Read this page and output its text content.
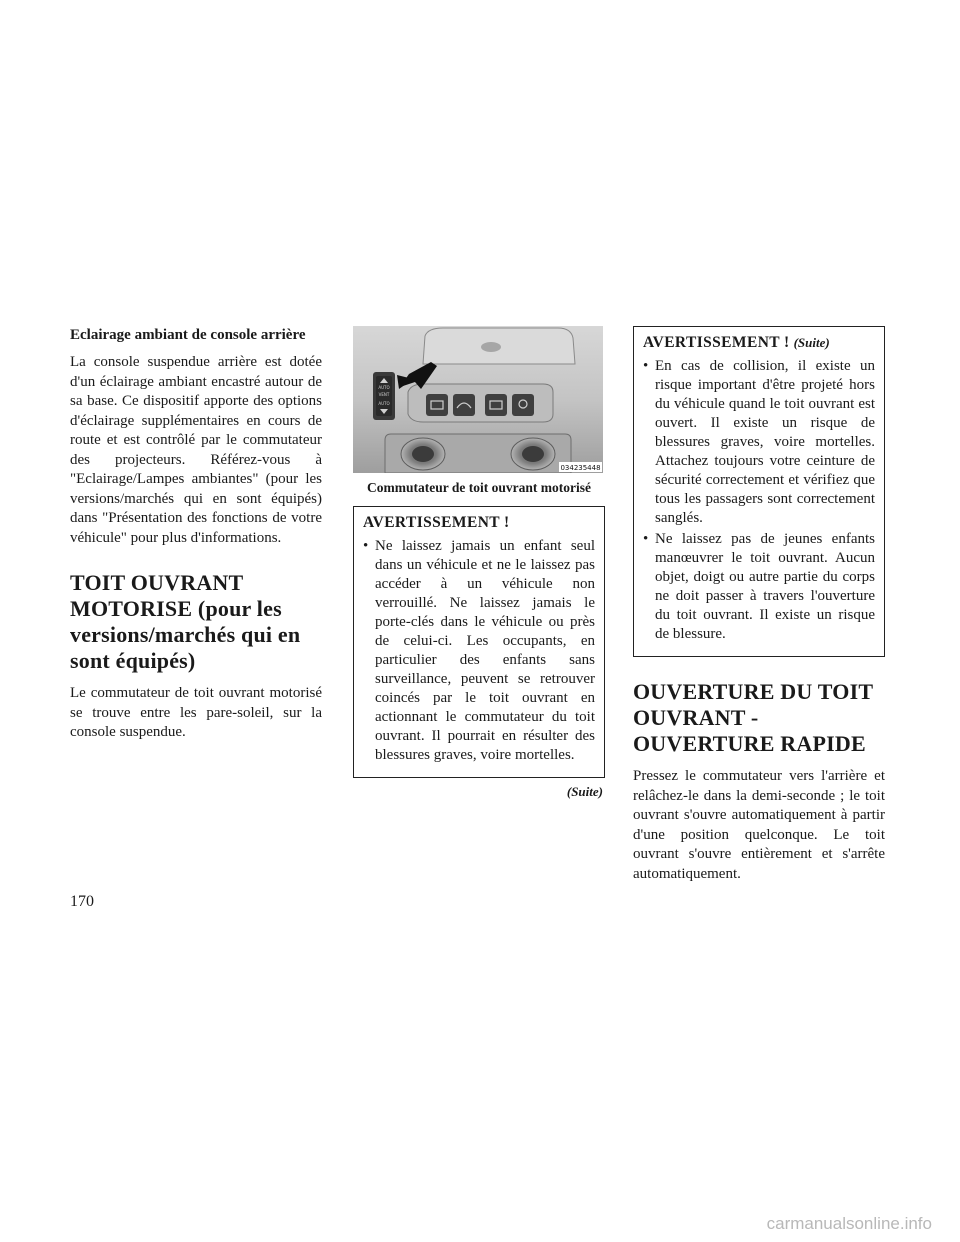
Eclairage ambiant de console arrière

La console suspendue arrière est dotée d'un éclairage ambiant encastré autour de sa base. Ce dispositif apporte des options d'éclairage supplémentaires en cours de route et est contrôlé par le commutateur des projecteurs. Référez-vous à "Eclairage/Lampes ambiantes" (pour les versions/marchés qui en sont équipés) dans "Présentation des fonctions de votre véhicule" pour plus d'informations.

TOIT OUVRANT MOTORISE (pour les versions/marchés qui en sont équipés)

Le commutateur de toit ouvrant motorisé se trouve entre les pare-soleil, sur la console suspendue.

AUTO
VENT
AUTO
034235448
Commutateur de toit ouvrant motorisé
AVERTISSEMENT !
• Ne laissez jamais un enfant seul dans un véhicule et ne le laissez pas accéder à un véhicule non verrouillé. Ne laissez jamais le porte-clés dans le véhicule ou près de celui-ci. Les occupants, en particulier des enfants sans surveillance, peuvent se retrouver coincés par le toit ouvrant en actionnant le commutateur du toit ouvrant. Il pourrait en résulter des blessures graves, voire mortelles.
(Suite)
AVERTISSEMENT ! (Suite)
• En cas de collision, il existe un risque important d'être projeté hors du véhicule quand le toit ouvrant est ouvert. Il existe un risque de blessures graves, voire mortelles. Attachez toujours votre ceinture de sécurité correctement et vérifiez que tous les passagers sont correctement sanglés.
• Ne laissez pas de jeunes enfants manœuvrer le toit ouvrant. Aucun objet, doigt ou autre partie du corps ne doit passer à travers l'ouverture du toit ouvrant. Il existe un risque de blessure.
OUVERTURE DU TOIT OUVRANT - OUVERTURE RAPIDE

Pressez le commutateur vers l'arrière et relâchez-le dans la demi-seconde ; le toit ouvrant s'ouvre automatiquement à partir d'une position quelconque. Le toit ouvrant s'ouvre entièrement et s'arrête automatiquement.

170
carmanualsonline.info
